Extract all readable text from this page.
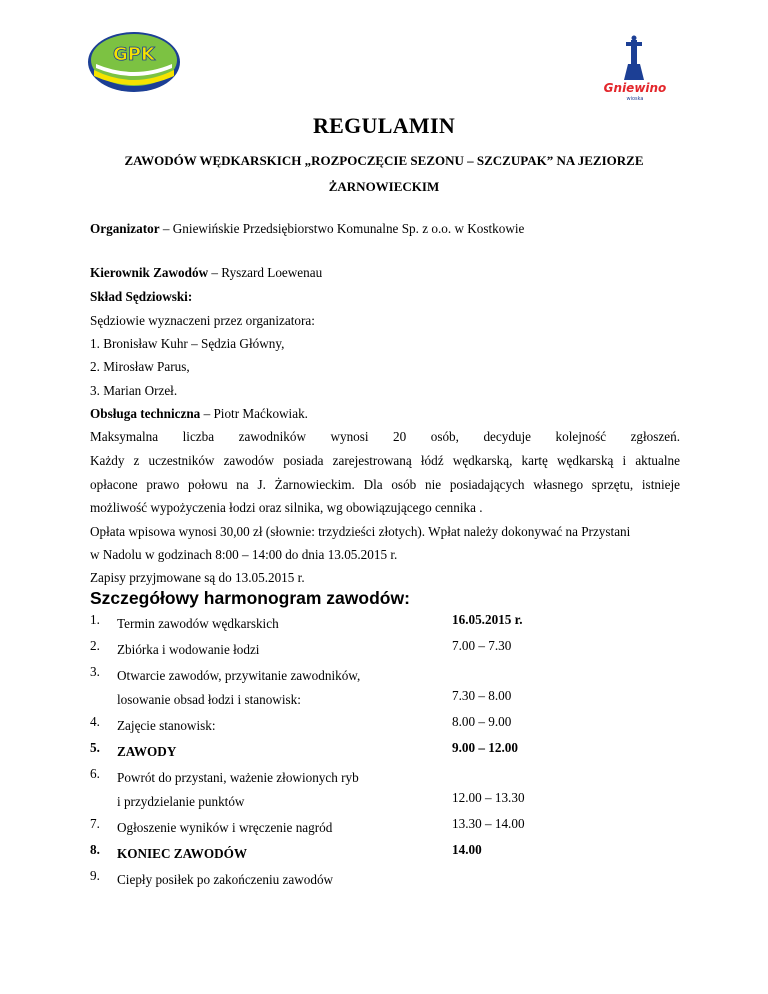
GPK
Gniewino
wioska
REGULAMIN
ZAWODÓW WĘDKARSKICH „ROZPOCZĘCIE SEZONU – SZCZUPAK” NA JEZIORZE
ŻARNOWIECKIM
Organizator – Gniewińskie Przedsiębiorstwo Komunalne Sp. z o.o. w Kostkowie
Kierownik Zawodów – Ryszard Loewenau
Skład Sędziowski:
Sędziowie wyznaczeni przez organizatora:
1. Bronisław Kuhr – Sędzia Główny,
2. Mirosław Parus,
3. Marian Orzeł.
Obsługa techniczna – Piotr Maćkowiak.
Maksymalna liczba zawodników wynosi 20 osób, decyduje kolejność zgłoszeń.
Każdy z uczestników zawodów posiada zarejestrowaną łódź wędkarską, kartę wędkarską i aktualne
opłacone prawo połowu na J. Żarnowieckim. Dla osób nie posiadających własnego sprzętu, istnieje
możliwość wypożyczenia łodzi oraz silnika, wg obowiązującego cennika .
Opłata wpisowa wynosi 30,00 zł (słownie: trzydzieści złotych). Wpłat należy dokonywać na Przystani
w Nadolu w godzinach 8:00 – 14:00 do dnia 13.05.2015 r.
Zapisy przyjmowane są do 13.05.2015 r.
Szczegółowy harmonogram zawodów:
1.	Termin zawodów wędkarskich	16.05.2015 r.
2.	Zbiórka i wodowanie łodzi	7.00 – 7.30
3.	Otwarcie zawodów, przywitanie zawodników,
losowanie obsad łodzi i stanowisk:	7.30 – 8.00
4.	Zajęcie stanowisk:	8.00 – 9.00
5.	ZAWODY	9.00 – 12.00
6.	Powrót do przystani, ważenie złowionych ryb
i przydzielanie punktów	12.00 – 13.30
7.	Ogłoszenie wyników i wręczenie nagród	13.30 – 14.00
8.	KONIEC ZAWODÓW	14.00
9.	Ciepły posiłek po zakończeniu zawodów
